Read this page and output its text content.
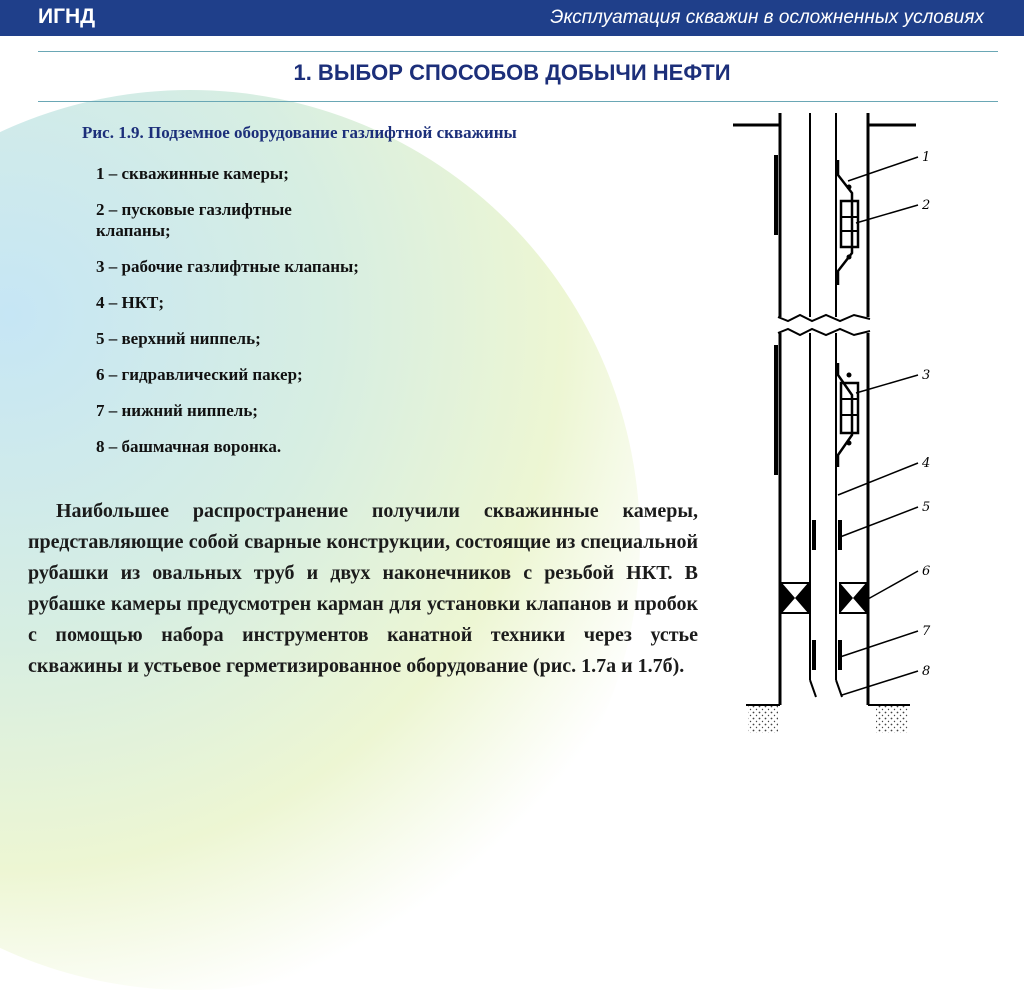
ИГНД	Эксплуатация скважин в осложненных условиях
1. ВЫБОР СПОСОБОВ ДОБЫЧИ НЕФТИ
Рис. 1.9. Подземное оборудование газлифтной скважины
1 – скважинные камеры;
2 – пусковые газлифтные клапаны;
3 – рабочие газлифтные клапаны;
4 – НКТ;
5 – верхний ниппель;
6 – гидравлический пакер;
7 – нижний ниппель;
8 – башмачная воронка.

Наибольшее распространение получили скважинные камеры, представляющие собой сварные конструкции, состоящие из специальной рубашки из овальных труб и двух наконечников с резьбой НКТ. В рубашке камеры предусмотрен карман для установки клапанов и пробок с помощью набора инструментов канатной техники через устье скважины и устьевое герметизированное оборудование (рис. 1.7а и 1.7б).

1
2
3
4
5
6
7
8
